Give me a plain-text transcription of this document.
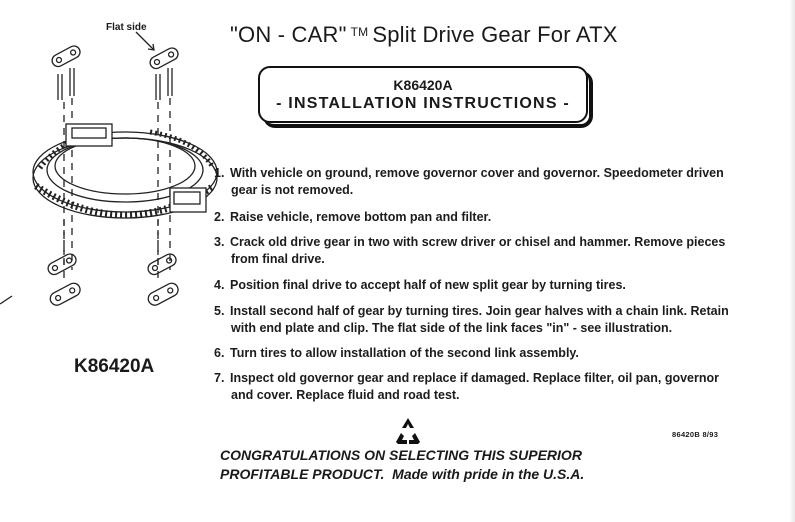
Flat side	"ON - CAR" ™ Split Drive Gear For ATX
K86420A
- INSTALLATION INSTRUCTIONS -
1. With vehicle on ground, remove governor cover and governor. Speedometer driven
gear is not removed.
2. Raise vehicle, remove bottom pan and filter.
3. Crack old drive gear in two with screw driver or chisel and hammer. Remove pieces
from final drive.
4. Position final drive to accept half of new split gear by turning tires.
5. Install second half of gear by turning tires. Join gear halves with a chain link. Retain
with end plate and clip. The flat side of the link faces "in" - see illustration.
6. Turn tires to allow installation of the second link assembly.
7. Inspect old governor gear and replace if damaged. Replace filter, oil pan, governor
and cover. Replace fluid and road test.
K86420A
86420B 8/93
CONGRATULATIONS ON SELECTING THIS SUPERIOR
PROFITABLE PRODUCT. Made with pride in the U.S.A.
